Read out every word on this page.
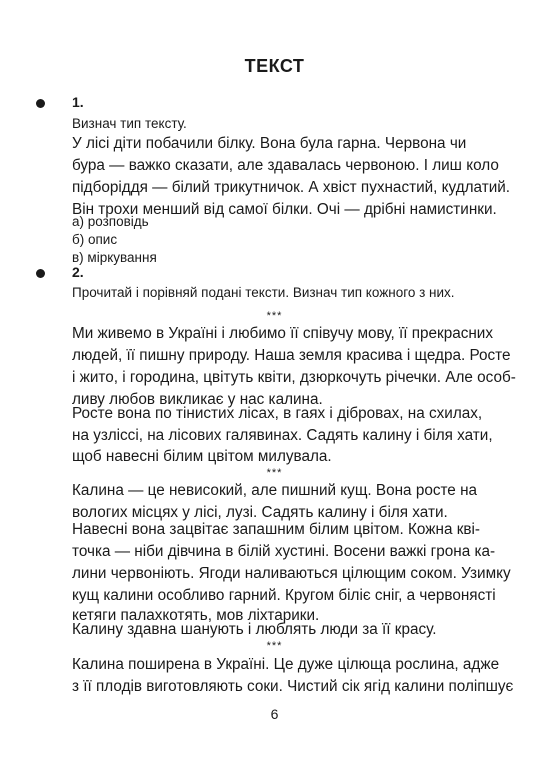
ТЕКСТ
1.
Визнач тип тексту.
У лісі діти побачили білку. Вона була гарна. Червона чи
бура — важко сказати, але здавалась червоною. І лиш коло
підборіддя — білий трикутничок. А хвіст пухнастий, кудлатий.
Він трохи менший від самої білки. Очі — дрібні намистинки.
а) розповідь
б) опис
в) міркування
2.
Прочитай і порівняй подані тексти. Визнач тип кожного з них.
***
Ми живемо в Україні і любимо її співучу мову, її прекрасних
людей, її пишну природу. Наша земля красива і щедра. Росте
і жито, і городина, цвітуть квіти, дзюркочуть річечки. Але особ-
ливу любов викликає у нас калина.
Росте вона по тінистих лісах, в гаях і дібровах, на схилах,
на узліссі, на лісових галявинах. Садять калину і біля хати,
щоб навесні білим цвітом милувала.
***
Калина — це невисокий, але пишний кущ. Вона росте на
вологих місцях у лісі, лузі. Садять калину і біля хати.
Навесні вона зацвітає запашним білим цвітом. Кожна кві-
точка — ніби дівчина в білій хустині. Восени важкі грона ка-
лини червоніють. Ягоди наливаються цілющим соком. Узимку
кущ калини особливо гарний. Кругом біліє сніг, а червонясті
кетяги палахкотять, мов ліхтарики.
Калину здавна шанують і люблять люди за її красу.
***
Калина поширена в Україні. Це дуже цілюща рослина, адже
з її плодів виготовляють соки. Чистий сік ягід калини поліпшує
6
